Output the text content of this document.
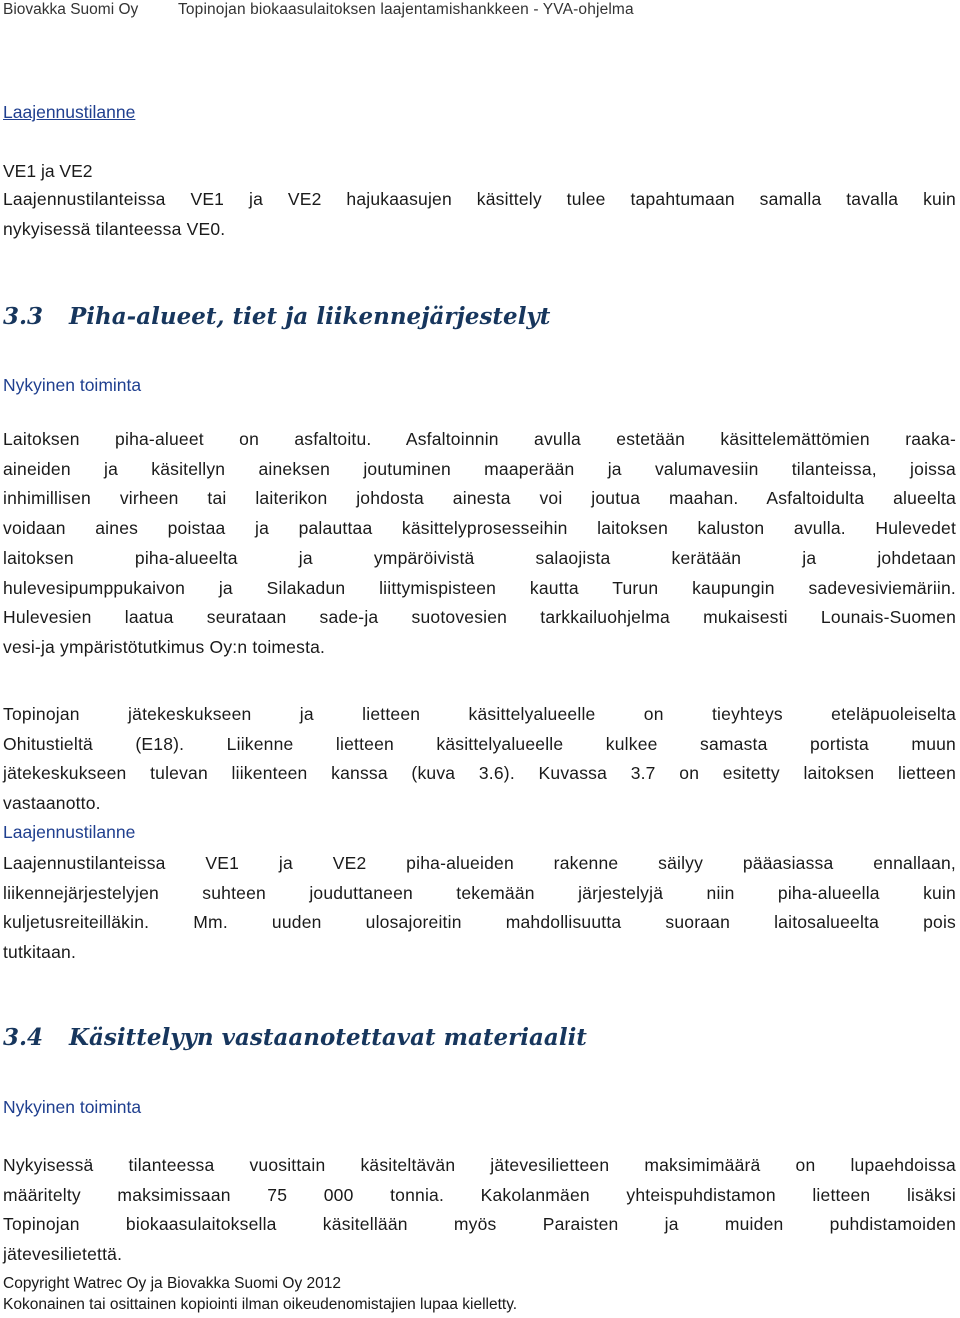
Biovakka Suomi Oy	Topinojan biokaasulaitoksen laajentamishankkeen - YVA-ohjelma
Laajennustilanne
VE1 ja VE2
Laajennustilanteissa VE1 ja VE2 hajukaasujen käsittely tulee tapahtumaan samalla tavalla kuin
nykyisessä tilanteessa VE0.
3.3 Piha-alueet, tiet ja liikennejärjestelyt
Nykyinen toiminta
Laitoksen piha-alueet on asfaltoitu. Asfaltoinnin avulla estetään käsittelemättömien raaka-
aineiden ja käsitellyn aineksen joutuminen maaperään ja valumavesiin tilanteissa, joissa
inhimillisen virheen tai laiterikon johdosta ainesta voi joutua maahan. Asfaltoidulta alueelta
voidaan aines poistaa ja palauttaa käsittelyprosesseihin laitoksen kaluston avulla. Hulevedet
laitoksen piha-alueelta ja ympäröivistä salaojista kerätään ja johdetaan
hulevesipumppukaivon ja Silakadun liittymispisteen kautta Turun kaupungin sadevesiviemäriin.
Hulevesien laatua seurataan sade-ja suotovesien tarkkailuohjelma mukaisesti Lounais-Suomen
vesi-ja ympäristötutkimus Oy:n toimesta.
Topinojan jätekeskukseen ja lietteen käsittelyalueelle on tieyhteys eteläpuoleiselta
Ohitustieltä (E18). Liikenne lietteen käsittelyalueelle kulkee samasta portista muun
jätekeskukseen tulevan liikenteen kanssa (kuva 3.6). Kuvassa 3.7 on esitetty laitoksen lietteen
vastaanotto.
Laajennustilanne
Laajennustilanteissa VE1 ja VE2 piha-alueiden rakenne säilyy pääasiassa ennallaan,
liikennejärjestelyjen suhteen jouduttaneen tekemään järjestelyjä niin piha-alueella kuin
kuljetusreiteilläkin. Mm. uuden ulosajoreitin mahdollisuutta suoraan laitosalueelta pois
tutkitaan.
3.4 Käsittelyyn vastaanotettavat materiaalit
Nykyinen toiminta
Nykyisessä tilanteessa vuosittain käsiteltävän jätevesilietteen maksimimäärä on lupaehdoissa
määritelty maksimissaan 75 000 tonnia. Kakolanmäen yhteispuhdistamon lietteen lisäksi
Topinojan biokaasulaitoksella käsitellään myös Paraisten ja muiden puhdistamoiden
jätevesilietettä.
Copyright Watrec Oy ja Biovakka Suomi Oy 2012
Kokonainen tai osittainen kopiointi ilman oikeudenomistajien lupaa kielletty.
